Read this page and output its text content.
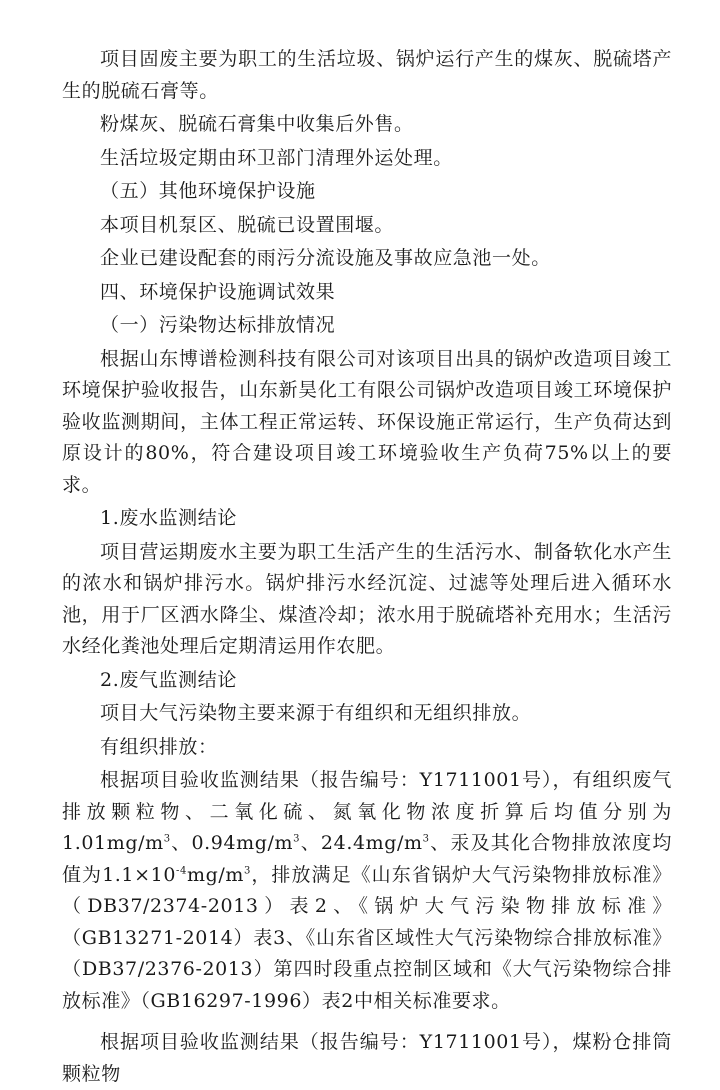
项目固废主要为职工的生活垃圾、锅炉运行产生的煤灰、脱硫塔产生的脱硫石膏等。

粉煤灰、脱硫石膏集中收集后外售。

生活垃圾定期由环卫部门清理外运处理。

（五）其他环境保护设施

本项目机泵区、脱硫已设置围堰。

企业已建设配套的雨污分流设施及事故应急池一处。

四、环境保护设施调试效果

（一）污染物达标排放情况

根据山东博谱检测科技有限公司对该项目出具的锅炉改造项目竣工环境保护验收报告，山东新昊化工有限公司锅炉改造项目竣工环境保护验收监测期间，主体工程正常运转、环保设施正常运行，生产负荷达到原设计的80%，符合建设项目竣工环境验收生产负荷75%以上的要求。

1.废水监测结论

项目营运期废水主要为职工生活产生的生活污水、制备软化水产生的浓水和锅炉排污水。锅炉排污水经沉淀、过滤等处理后进入循环水池，用于厂区洒水降尘、煤渣冷却；浓水用于脱硫塔补充用水；生活污水经化粪池处理后定期清运用作农肥。

2.废气监测结论

项目大气污染物主要来源于有组织和无组织排放。

有组织排放：

根据项目验收监测结果（报告编号：Y1711001号），有组织废气排放颗粒物、二氧化硫、氮氧化物浓度折算后均值分别为$1.01mg/m^3$、$0.94mg/m^3$、$24.4mg/m^3$、汞及其化合物排放浓度均值为$1.1\times 10^{-4}mg/m^3$，排放满足《山东省锅炉大气污染物排放标准》（DB37/2374-2013）表2、《锅炉大气污染物排放标准》（GB13271-2014）表3、《山东省区域性大气污染物综合排放标准》（DB37/2376-2013）第四时段重点控制区域和《大气污染物综合排放标准》（GB16297-1996）表2中相关标准要求。

根据项目验收监测结果（报告编号：Y1711001号），煤粉仓排筒颗粒物
